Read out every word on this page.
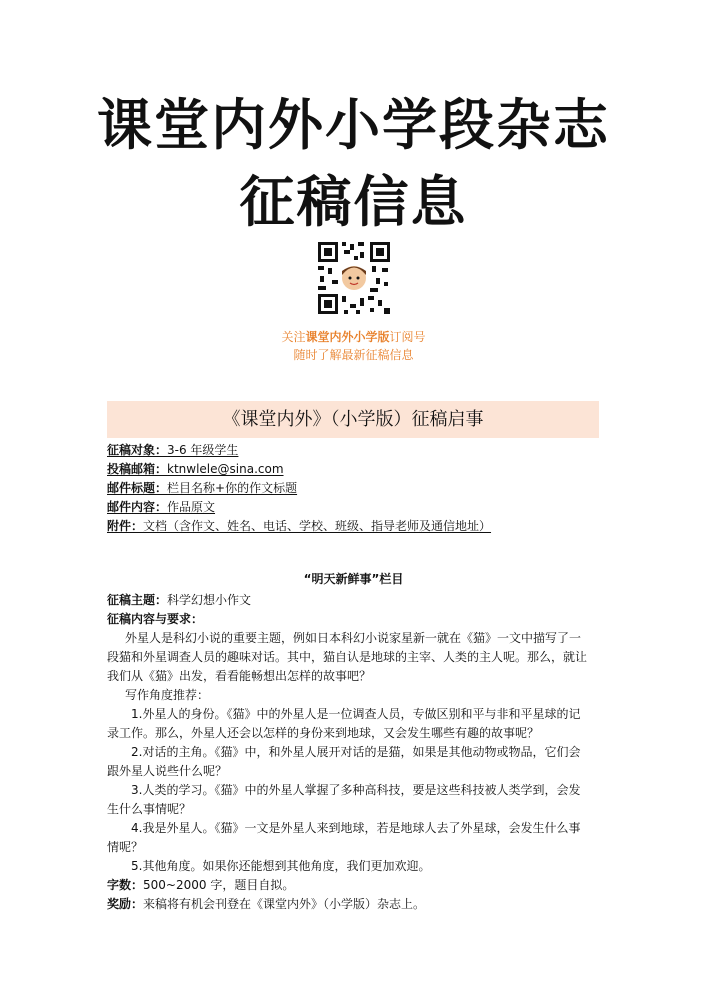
课堂内外小学段杂志
征稿信息
关注课堂内外小学版订阅号
随时了解最新征稿信息
《课堂内外》（小学版）征稿启事
征稿对象：3-6 年级学生
投稿邮箱：ktnwlele@sina.com
邮件标题：栏目名称+你的作文标题
邮件内容：作品原文
附件：文档（含作文、姓名、电话、学校、班级、指导老师及通信地址）
“明天新鲜事”栏目
征稿主题：科学幻想小作文
征稿内容与要求：
外星人是科幻小说的重要主题，例如日本科幻小说家星新一就在《猫》一文中描写了一
段猫和外星调查人员的趣味对话。其中，猫自认是地球的主宰、人类的主人呢。那么，就让
我们从《猫》出发，看看能畅想出怎样的故事吧？
写作角度推荐：
1.外星人的身份。《猫》中的外星人是一位调查人员，专做区别和平与非和平星球的记
录工作。那么，外星人还会以怎样的身份来到地球，又会发生哪些有趣的故事呢？
2.对话的主角。《猫》中，和外星人展开对话的是猫，如果是其他动物或物品，它们会
跟外星人说些什么呢？
3.人类的学习。《猫》中的外星人掌握了多种高科技，要是这些科技被人类学到，会发
生什么事情呢？
4.我是外星人。《猫》一文是外星人来到地球，若是地球人去了外星球，会发生什么事
情呢？
5.其他角度。如果你还能想到其他角度，我们更加欢迎。
字数：500~2000 字，题目自拟。
奖励：来稿将有机会刊登在《课堂内外》（小学版）杂志上。
